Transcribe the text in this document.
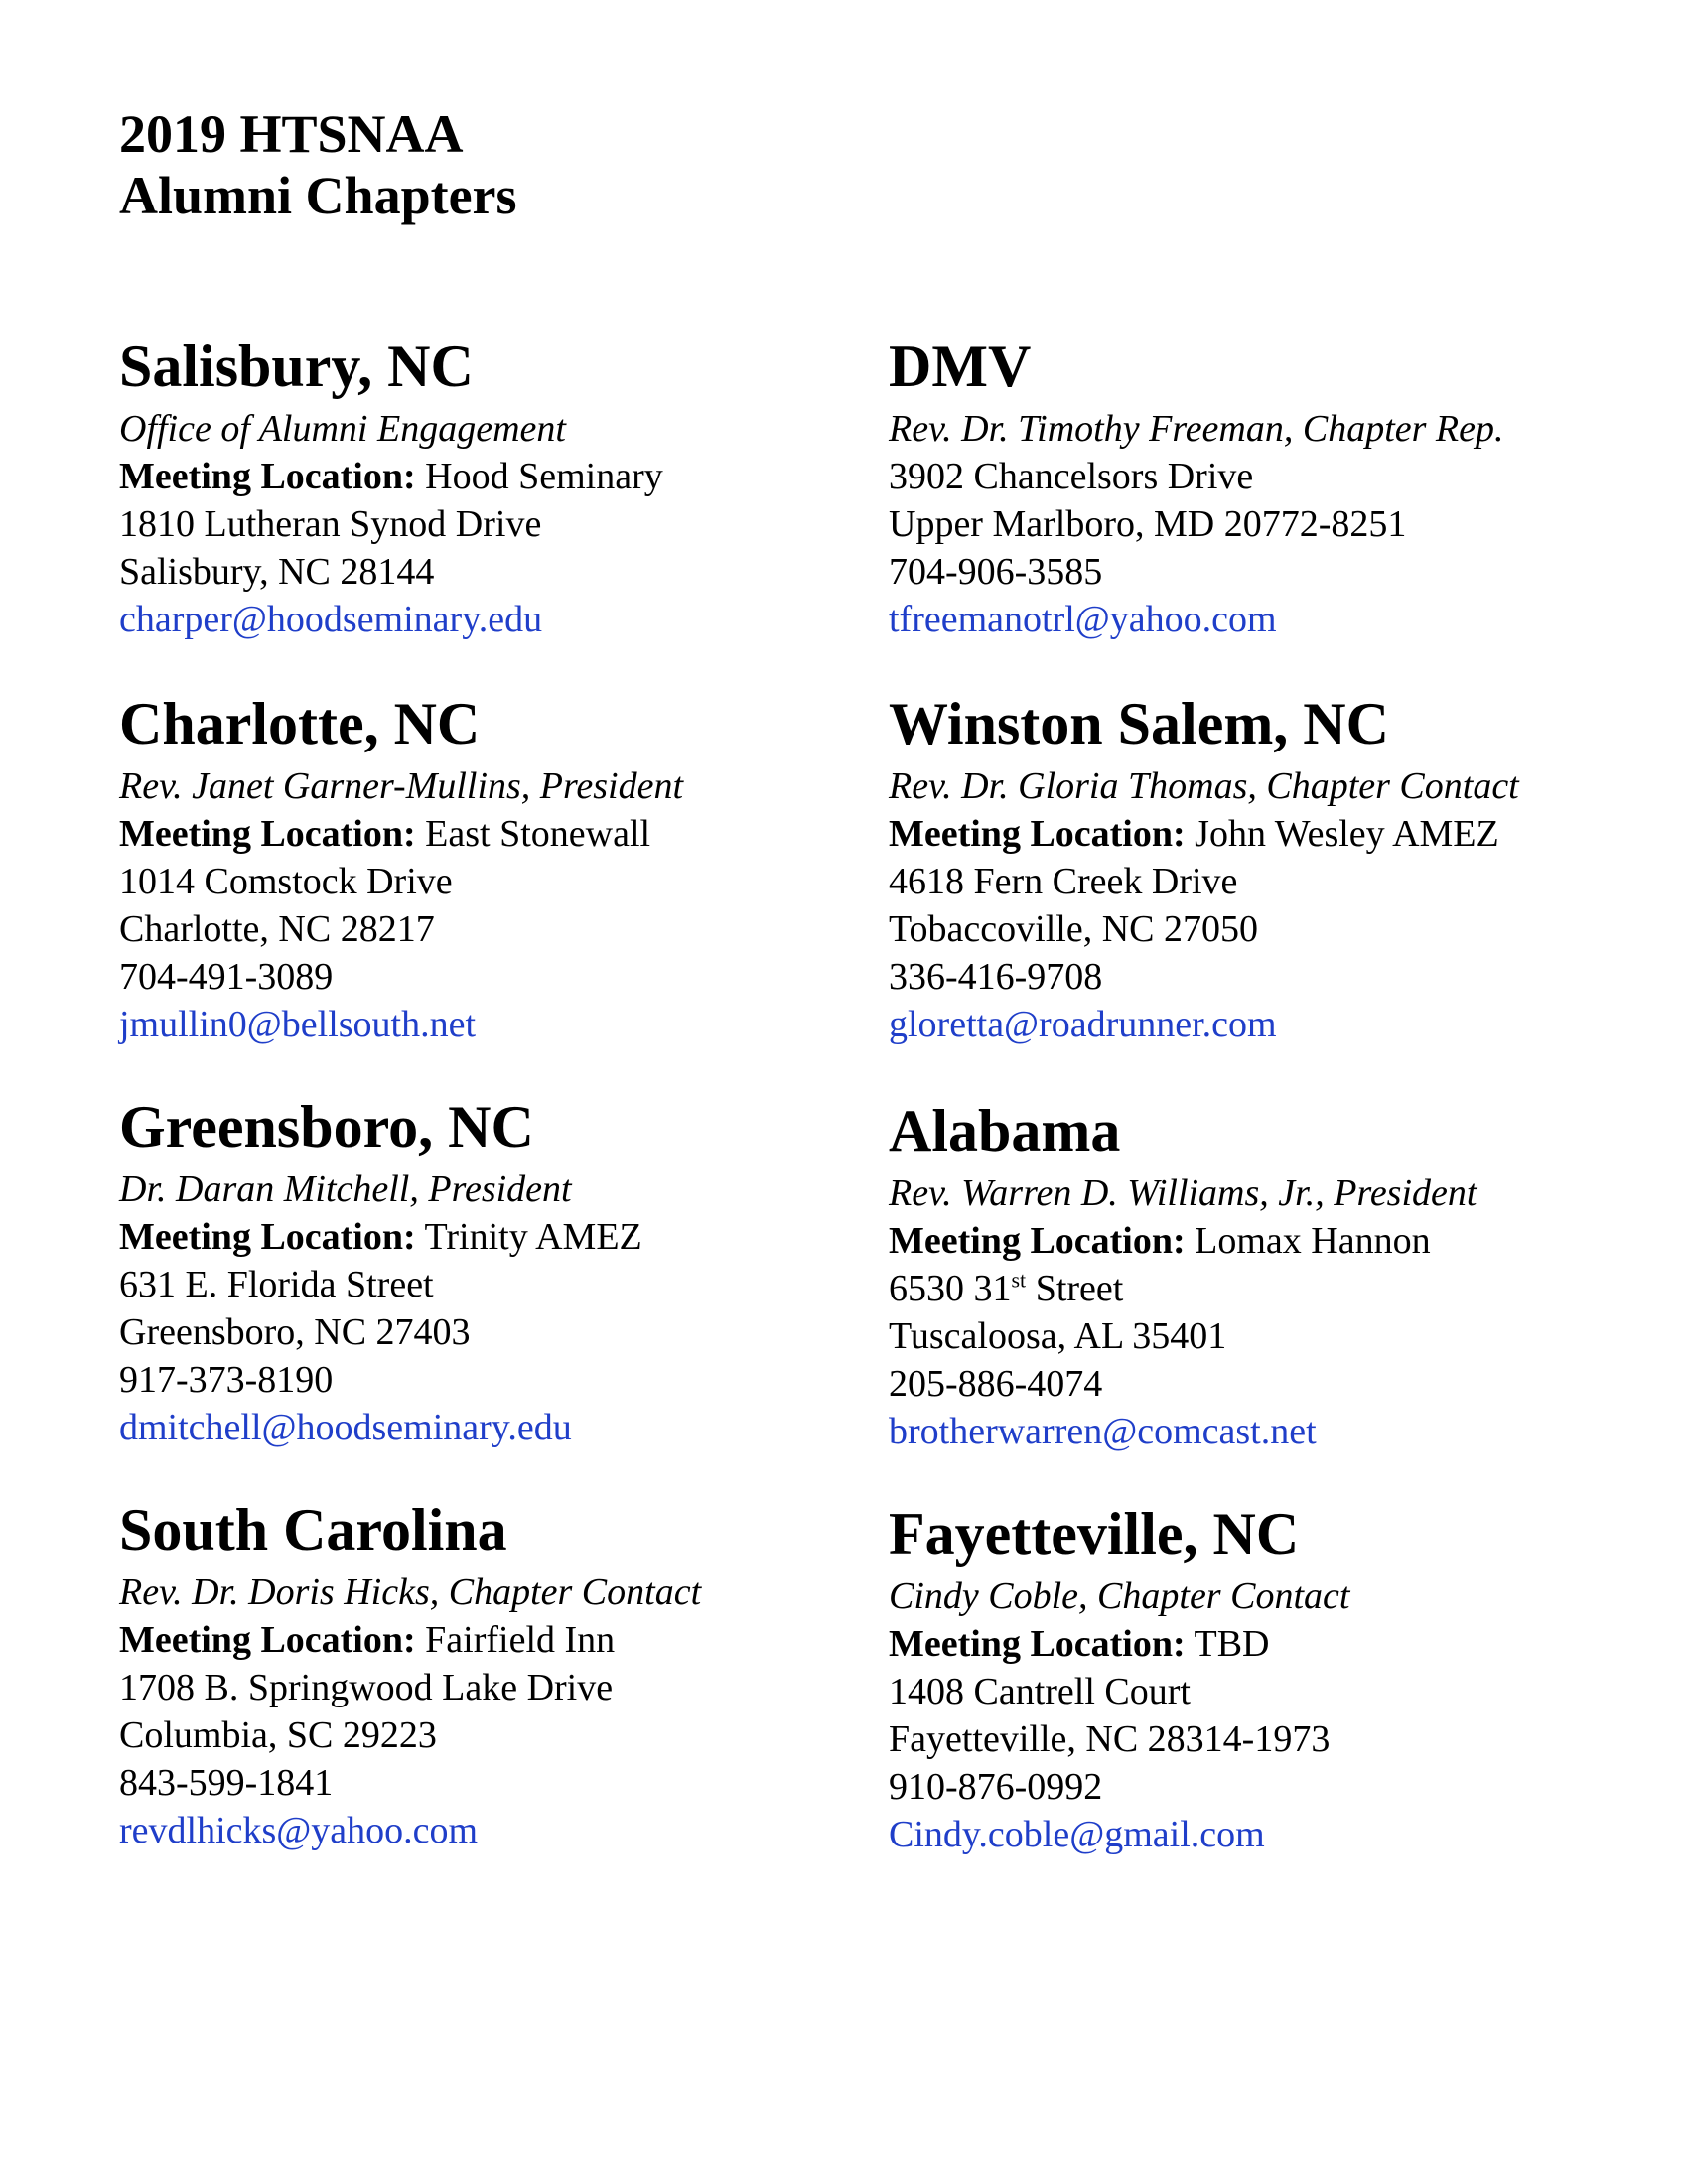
2019 HTSNAA
Alumni Chapters
Salisbury, NC
Office of Alumni Engagement
Meeting Location: Hood Seminary
1810 Lutheran Synod Drive
Salisbury, NC 28144
charper@hoodseminary.edu
DMV
Rev. Dr. Timothy Freeman, Chapter Rep.
3902 Chancelsors Drive
Upper Marlboro, MD 20772-8251
704-906-3585
tfreemanotrl@yahoo.com
Charlotte, NC
Rev. Janet Garner-Mullins, President
Meeting Location: East Stonewall
1014 Comstock Drive
Charlotte, NC 28217
704-491-3089
jmullin0@bellsouth.net
Winston Salem, NC
Rev. Dr. Gloria Thomas, Chapter Contact
Meeting Location: John Wesley AMEZ
4618 Fern Creek Drive
Tobaccoville, NC 27050
336-416-9708
gloretta@roadrunner.com
Greensboro, NC
Dr. Daran Mitchell, President
Meeting Location: Trinity AMEZ
631 E. Florida Street
Greensboro, NC 27403
917-373-8190
dmitchell@hoodseminary.edu
Alabama
Rev. Warren D. Williams, Jr., President
Meeting Location: Lomax Hannon
6530 31st Street
Tuscaloosa, AL 35401
205-886-4074
brotherwarren@comcast.net
South Carolina
Rev. Dr. Doris Hicks, Chapter Contact
Meeting Location: Fairfield Inn
1708 B. Springwood Lake Drive
Columbia, SC 29223
843-599-1841
revdlhicks@yahoo.com
Fayetteville, NC
Cindy Coble, Chapter Contact
Meeting Location: TBD
1408 Cantrell Court
Fayetteville, NC 28314-1973
910-876-0992
Cindy.coble@gmail.com
